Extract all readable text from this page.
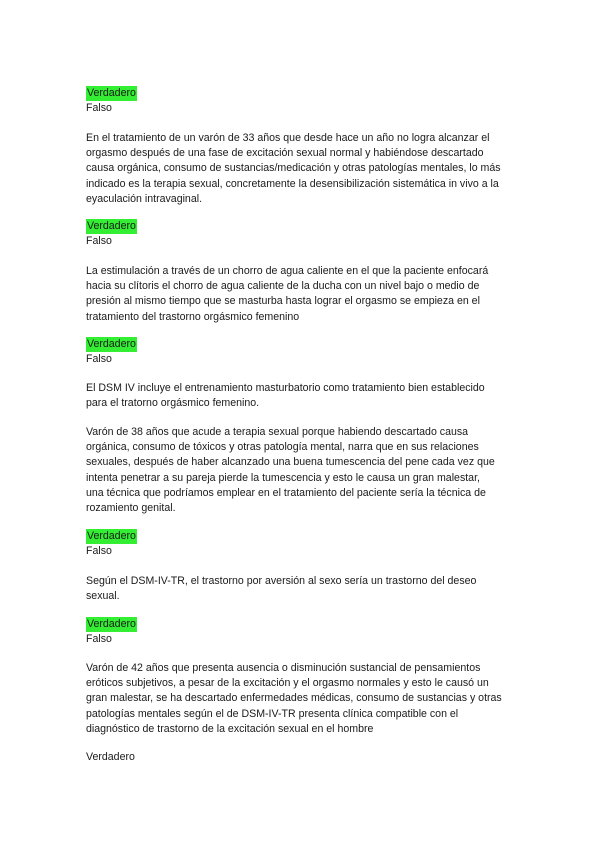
Verdadero
Falso
En el tratamiento de un varón de 33 años que desde hace un año no logra alcanzar el
orgasmo después de una fase de excitación sexual normal y habiéndose descartado
causa orgánica, consumo de sustancias/medicación y otras patologías mentales, lo más
indicado es la terapia sexual, concretamente la desensibilización sistemática in vivo a la
eyaculación intravaginal.
Verdadero
Falso
La estimulación a través de un chorro de agua caliente en el que la paciente enfocará
hacia su clítoris el chorro de agua caliente de la ducha con un nivel bajo o medio de
presión al mismo tiempo que se masturba hasta lograr el orgasmo se empieza en el
tratamiento del trastorno orgásmico femenino
Verdadero
Falso
El DSM IV incluye el entrenamiento masturbatorio como tratamiento bien establecido
para el tratorno orgásmico femenino.
Varón de 38 años que acude a terapia sexual porque habiendo descartado causa
orgánica, consumo de tóxicos y otras patología mental, narra que en sus relaciones
sexuales, después de haber alcanzado una buena tumescencia del pene cada vez que
intenta penetrar a su pareja pierde la tumescencia y esto le causa un gran malestar,
una técnica que podríamos emplear en el tratamiento del paciente sería la técnica de
rozamiento genital.
Verdadero
Falso
Según el DSM-IV-TR, el trastorno por aversión al sexo sería un trastorno del deseo
sexual.
Verdadero
Falso
Varón de 42 años que presenta ausencia o disminución sustancial de pensamientos
eróticos subjetivos, a pesar de la excitación y el orgasmo normales y esto le causó un
gran malestar, se ha descartado enfermedades médicas, consumo de sustancias y otras
patologías mentales según el de DSM-IV-TR presenta clínica compatible con el
diagnóstico de trastorno de la excitación sexual en el hombre
Verdadero
